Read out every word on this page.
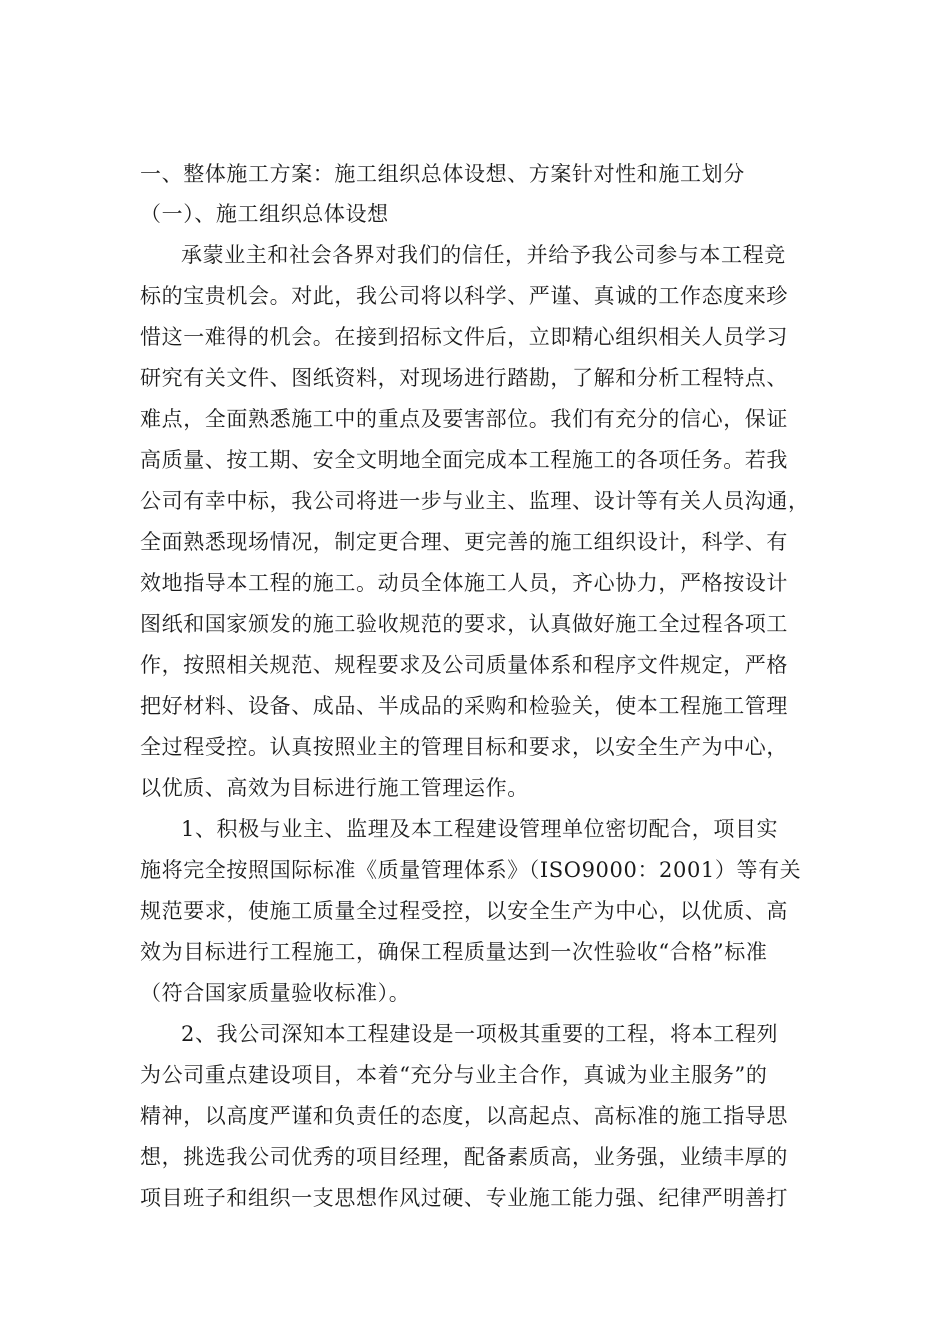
一、整体施工方案：施工组织总体设想、方案针对性和施工划分
（一）、施工组织总体设想
承蒙业主和社会各界对我们的信任，并给予我公司参与本工程竞
标的宝贵机会。对此，我公司将以科学、严谨、真诚的工作态度来珍
惜这一难得的机会。在接到招标文件后，立即精心组织相关人员学习
研究有关文件、图纸资料，对现场进行踏勘，了解和分析工程特点、
难点，全面熟悉施工中的重点及要害部位。我们有充分的信心，保证
高质量、按工期、安全文明地全面完成本工程施工的各项任务。若我
公司有幸中标，我公司将进一步与业主、监理、设计等有关人员沟通，
全面熟悉现场情况，制定更合理、更完善的施工组织设计，科学、有
效地指导本工程的施工。动员全体施工人员，齐心协力，严格按设计
图纸和国家颁发的施工验收规范的要求，认真做好施工全过程各项工
作，按照相关规范、规程要求及公司质量体系和程序文件规定，严格
把好材料、设备、成品、半成品的采购和检验关，使本工程施工管理
全过程受控。认真按照业主的管理目标和要求，以安全生产为中心，
以优质、高效为目标进行施工管理运作。
1、积极与业主、监理及本工程建设管理单位密切配合，项目实
施将完全按照国际标准《质量管理体系》（ISO9000：2001）等有关
规范要求，使施工质量全过程受控，以安全生产为中心，以优质、高
效为目标进行工程施工，确保工程质量达到一次性验收“合格”标准
（符合国家质量验收标准）。
2、我公司深知本工程建设是一项极其重要的工程，将本工程列
为公司重点建设项目，本着“充分与业主合作，真诚为业主服务”的
精神，以高度严谨和负责任的态度，以高起点、高标准的施工指导思
想，挑选我公司优秀的项目经理，配备素质高，业务强，业绩丰厚的
项目班子和组织一支思想作风过硬、专业施工能力强、纪律严明善打
